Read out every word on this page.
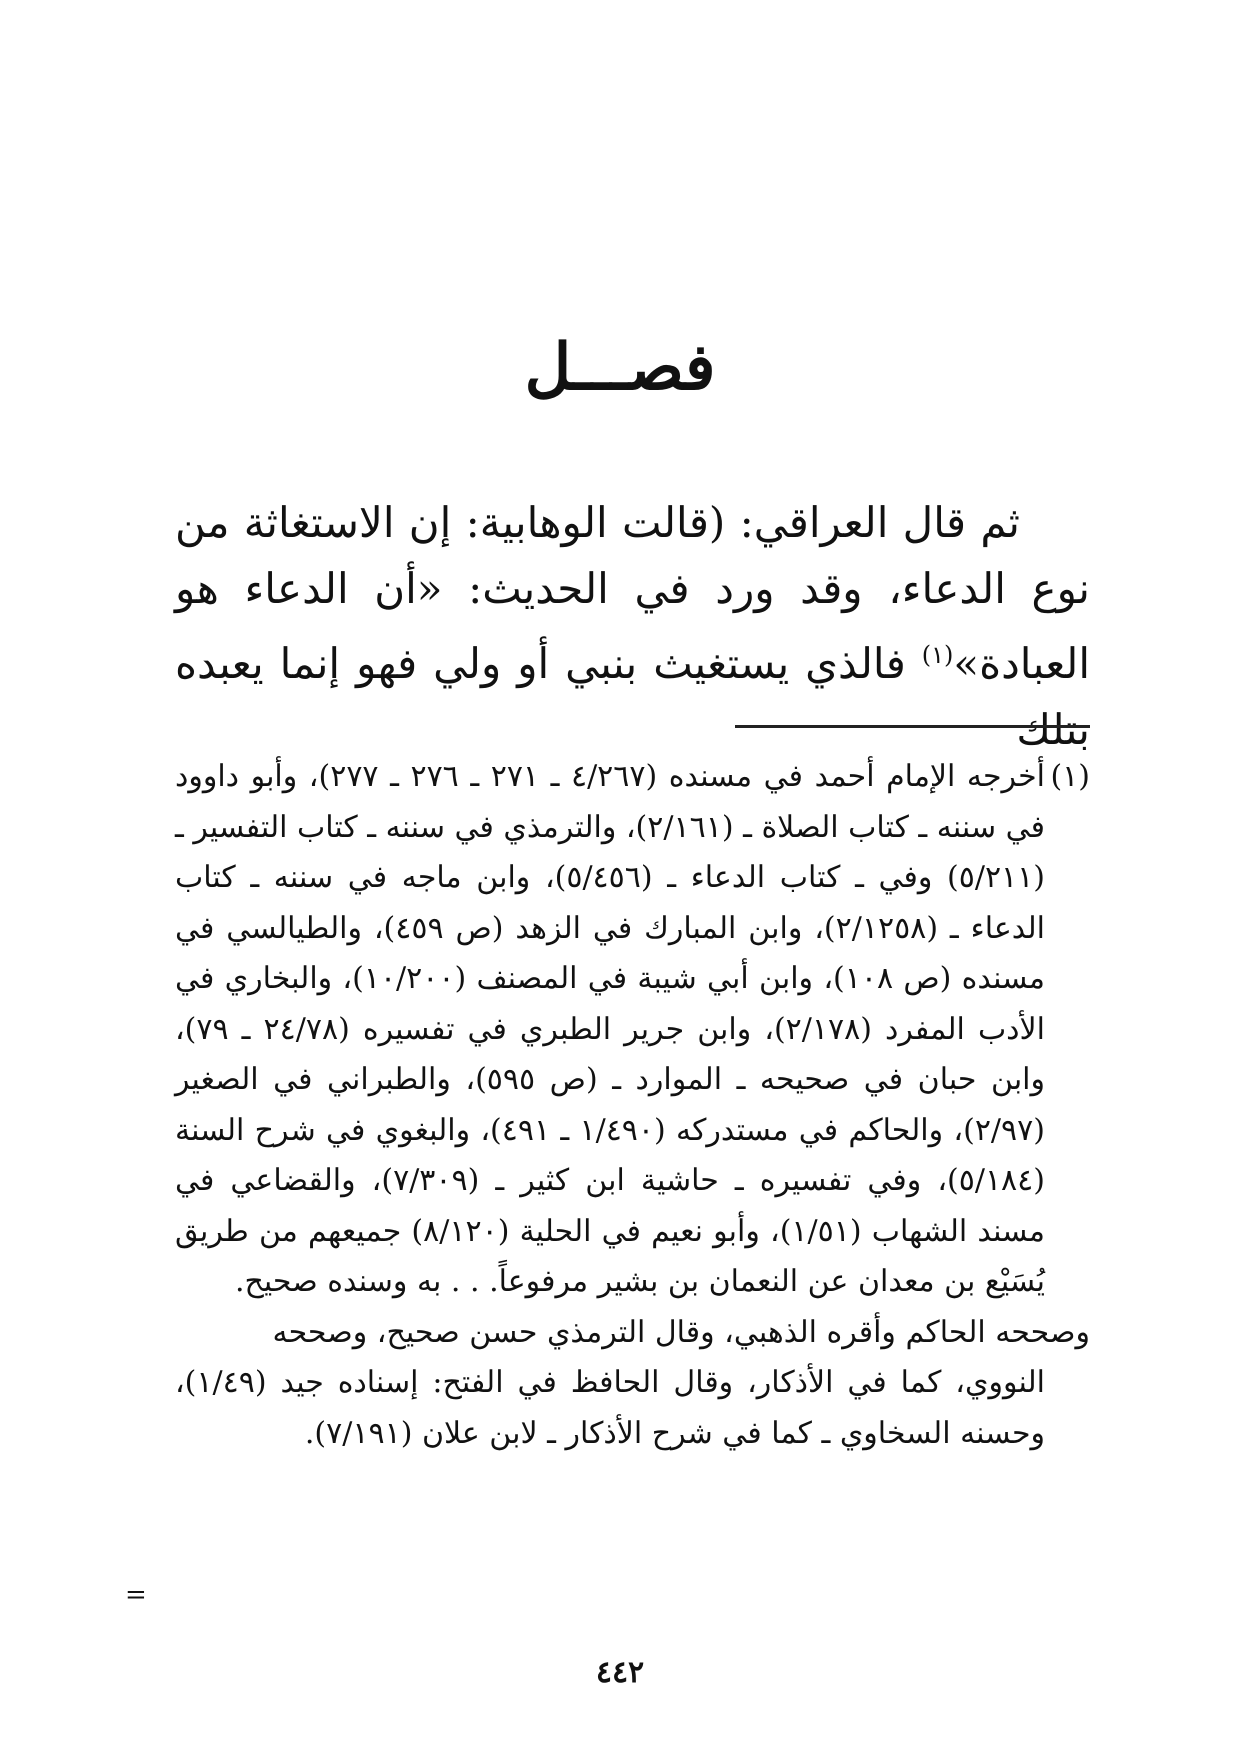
فصـــل

ثم قال العراقي: (قالت الوهابية: إن الاستغاثة من نوع الدعاء، وقد ورد في الحديث: «أن الدعاء هو العبادة»$^{(١)}$ فالذي يستغيث بنبي أو ولي فهو إنما يعبده بتلك

(١)
أخرجه الإمام أحمد في مسنده (٤/٢٦٧ ـ ٢٧١ ـ ٢٧٦ ـ ٢٧٧)، وأبو داوود في سننه ـ كتاب الصلاة ـ (٢/١٦١)، والترمذي في سننه ـ كتاب التفسير ـ (٥/٢١١) وفي ـ كتاب الدعاء ـ (٥/٤٥٦)، وابن ماجه في سننه ـ كتاب الدعاء ـ (٢/١٢٥٨)، وابن المبارك في الزهد (ص ٤٥٩)، والطيالسي في مسنده (ص ١٠٨)، وابن أبي شيبة في المصنف (١٠/٢٠٠)، والبخاري في الأدب المفرد (٢/١٧٨)، وابن جرير الطبري في تفسيره (٢٤/٧٨ ـ ٧٩)، وابن حبان في صحيحه ـ الموارد ـ (ص ٥٩٥)، والطبراني في الصغير (٢/٩٧)، والحاكم في مستدركه (١/٤٩٠ ـ ٤٩١)، والبغوي في شرح السنة (٥/١٨٤)، وفي تفسيره ـ حاشية ابن كثير ـ (٧/٣٠٩)، والقضاعي في مسند الشهاب (١/٥١)، وأبو نعيم في الحلية (٨/١٢٠) جميعهم من طريق يُسَيْع بن معدان عن النعمان بن بشير مرفوعاً. . . به وسنده صحيح.

وصححه الحاكم وأقره الذهبي، وقال الترمذي حسن صحيح، وصححه

النووي، كما في الأذكار، وقال الحافظ في الفتح: إسناده جيد (١/٤٩)، وحسنه السخاوي ـ كما في شرح الأذكار ـ لابن علان (٧/١٩١).

=
٤٤٢
